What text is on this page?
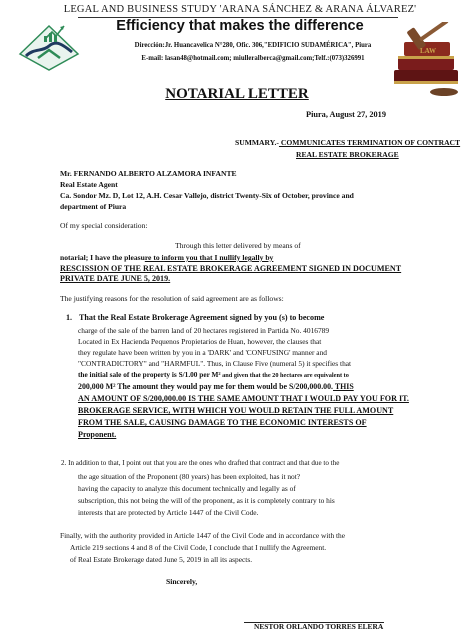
LEGAL AND BUSINESS STUDY 'ARANA SÁNCHEZ & ARANA ÁLVAREZ'
Efficiency that makes the difference
Dirección:Jr. Huancavelica N°280, Ofic. 306,"EDIFICIO SUDAMÉRICA", Piura
E-mail: lasan48@hotmail.com; miulleralberca@gmail.com;Telf.:(073)326991
LAW
NOTARIAL LETTER
Piura, August 27, 2019
SUMMARY.- COMMUNICATES TERMINATION OF CONTRACT
REAL ESTATE BROKERAGE
Mr. FERNANDO ALBERTO ALZAMORA INFANTE
Real Estate Agent
Ca. Sondor Mz. D, Lot 12, A.H. Cesar Vallejo, district Twenty-Six of October, province and
department of Piura
Of my special consideration:
Through this letter delivered by means of
notarial; I have the pleasure to inform you that I nullify legally by
RESCISSION OF THE REAL ESTATE BROKERAGE AGREEMENT SIGNED IN DOCUMENT PRIVATE DATE JUNE 5, 2019.
The justifying reasons for the resolution of said agreement are as follows:
1. That the Real Estate Brokerage Agreement signed by you (s) to become
charge of the sale of the barren land of 20 hectares registered in Partida No. 4016789
Located in Ex Hacienda Pequenos Propietarios de Huan, however, the clauses that
they regulate have been written by you in a 'DARK' and 'CONFUSING' manner and
"CONTRADICTORY" and "HARMFUL". Thus, in Clause Five (numeral 5) it specifies that
the initial sale of the property is S/1.00 per M² and given that the 20 hectares are equivalent to
200,000 M² The amount they would pay me for them would be S/200,000.00. THIS
AN AMOUNT OF S/200,000.00 IS THE SAME AMOUNT THAT I WOULD PAY YOU FOR IT.
BROKERAGE SERVICE, WITH WHICH YOU WOULD RETAIN THE FULL AMOUNT
FROM THE SALE, CAUSING DAMAGE TO THE ECONOMIC INTERESTS OF
Proponent.
2. In addition to that, I point out that you are the ones who drafted that contract and that due to the
the age situation of the Proponent (80 years) has been exploited, has it not?
having the capacity to analyze this document technically and legally as of
subscription, this not being the will of the proponent, as it is completely contrary to his
interests that are protected by Article 1447 of the Civil Code.
Finally, with the authority provided in Article 1447 of the Civil Code and in accordance with the
Article 219 sections 4 and 8 of the Civil Code, I conclude that I nullify the Agreement.
of Real Estate Brokerage dated June 5, 2019 in all its aspects.
Sincerely,
NESTOR ORLANDO TORRES ELERA
